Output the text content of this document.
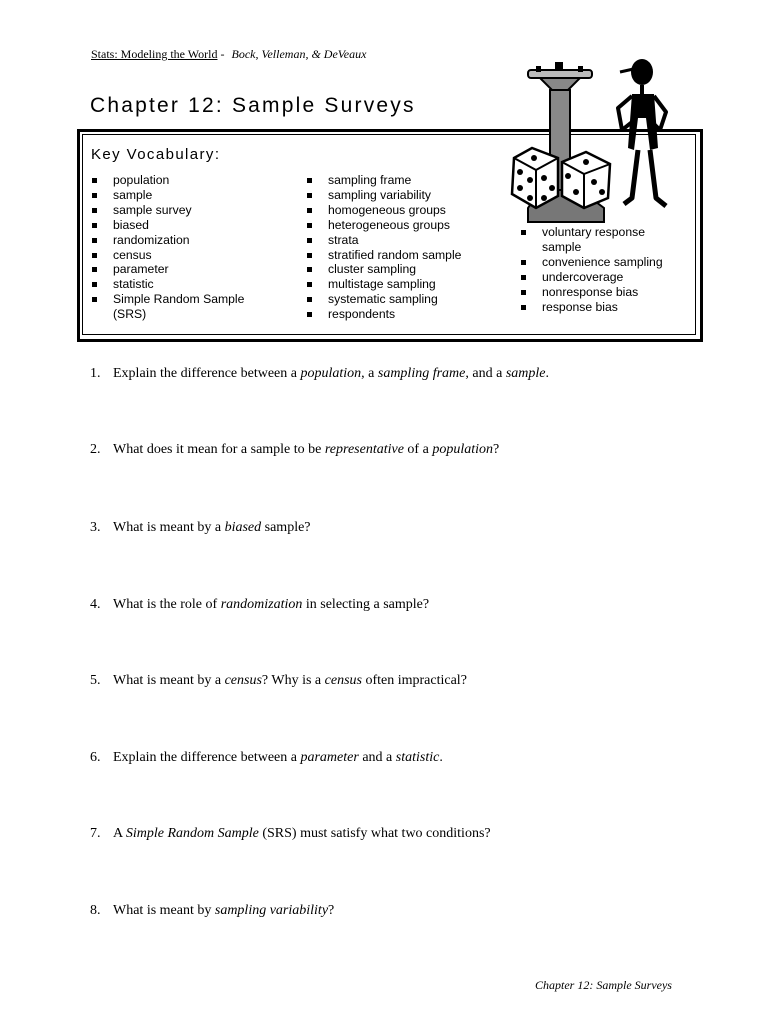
Stats: Modeling the World - Bock, Velleman, & DeVeaux
Chapter 12: Sample Surveys
Key Vocabulary:
population
sample
sample survey
biased
randomization
census
parameter
statistic
Simple Random Sample (SRS)
sampling frame
sampling variability
homogeneous groups
heterogeneous groups
strata
stratified random sample
cluster sampling
multistage sampling
systematic sampling
respondents
voluntary response sample
convenience sampling
undercoverage
nonresponse bias
response bias
1. Explain the difference between a population, a sampling frame, and a sample.
2. What does it mean for a sample to be representative of a population?
3. What is meant by a biased sample?
4. What is the role of randomization in selecting a sample?
5. What is meant by a census? Why is a census often impractical?
6. Explain the difference between a parameter and a statistic.
7. A Simple Random Sample (SRS) must satisfy what two conditions?
8. What is meant by sampling variability?
Chapter 12: Sample Surveys
